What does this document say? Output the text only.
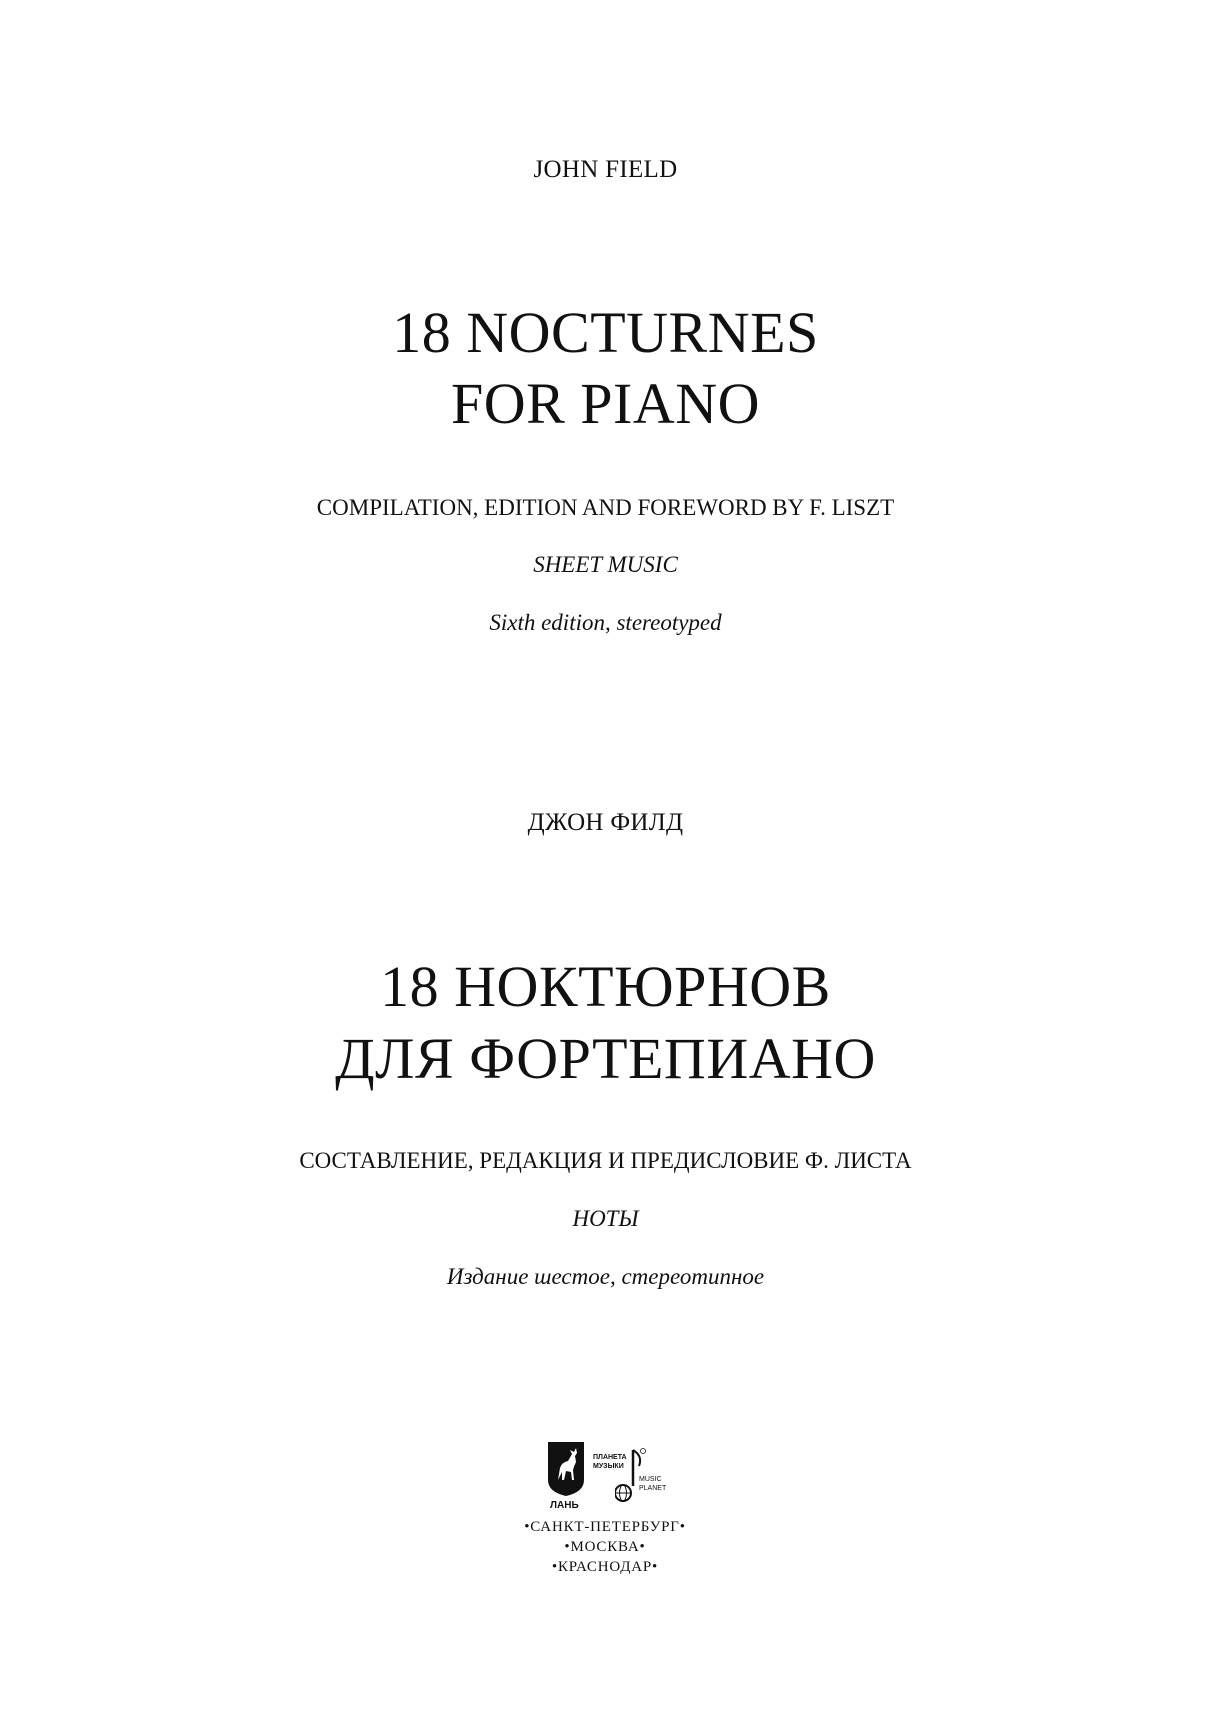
JOHN FIELD
18 NOCTURNES
FOR PIANO
COMPILATION, EDITION AND FOREWORD BY F. LISZT
SHEET MUSIC
Sixth edition, stereotyped
ДЖОН ФИЛД
18 НОКТЮРНОВ
ДЛЯ ФОРТЕПИАНО
СОСТАВЛЕНИЕ, РЕДАКЦИЯ И ПРЕДИСЛОВИЕ Ф. ЛИСТА
НОТЫ
Издание шестое, стереотипное
ЛАНЬ
ПЛАНЕТА
МУЗЫКИ
MUSIC
PLANET
•САНКТ-ПЕТЕРБУРГ•
•МОСКВА•
•КРАСНОДАР•
